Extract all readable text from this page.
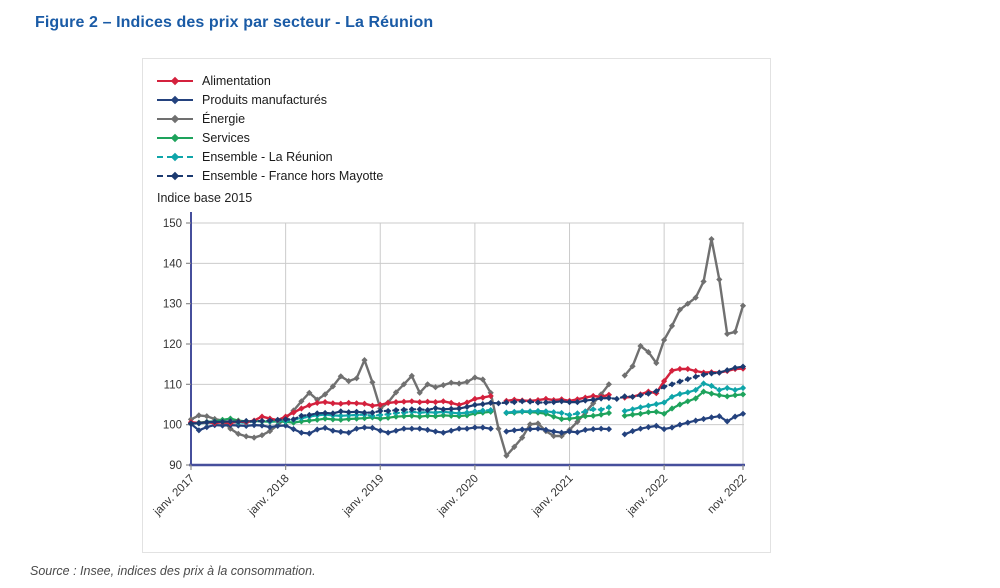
Figure 2 – Indices des prix par secteur - La Réunion
Alimentation
Produits manufacturés
Énergie
Services
Ensemble - La Réunion
Ensemble - France hors Mayotte
Indice base 2015
90
100
110
120
130
140
150
janv. 2017	janv. 2018	janv. 2019	janv. 2020	janv. 2021	janv. 2022	nov. 2022
Source : Insee, indices des prix à la consommation.
